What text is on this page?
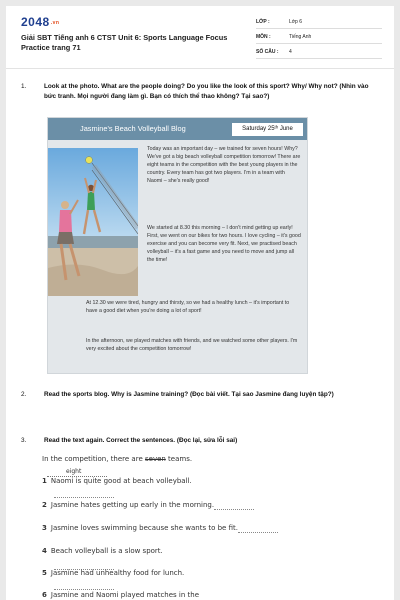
2048.vn
Giải SBT Tiếng anh 6 CTST Unit 6: Sports Language Focus Practice trang 71
LỚP :	Lớp 6
MÔN :	Tiếng Anh
SỐ CÂU : 4
1.	Look at the photo. What are the people doing? Do you like the look of this sport? Why/ Why not? (Nhìn vào bức tranh. Mọi người đang làm gì. Bạn có thích thể thao không? Tại sao?)
Jasmine's Beach Volleyball Blog	Saturday 25ᵗʰ June

Today was an important day – we trained for seven hours! Why? We've got a big beach volleyball competition tomorrow! There are eight teams in the competition with the best young players in the country. Every team has got two players. I'm in a team with Naomi – she's really good!

We started at 8.30 this morning – I don't mind getting up early! First, we went on our bikes for two hours. I love cycling – it's good exercise and you can become very fit. Next, we practised beach volleyball – it's a fast game and you need to move and jump all the time!

At 12.30 we were tired, hungry and thirsty, so we had a healthy lunch – it's important to have a good diet when you're doing a lot of sport!

In the afternoon, we played matches with friends, and we watched some other players. I'm very excited about the competition tomorrow!

2.	Read the sports blog. Why is Jasmine training? (Đọc bài viết. Tại sao Jasmine đang luyện tập?)
3.	Read the text again. Correct the sentences. (Đọc lại, sửa lỗi sai)
In the competition, there are seven teams.
eight
1 Naomi is quite good at beach volleyball.
2 Jasmine hates getting up early in the morning.
3 Jasmine loves swimming because she wants to be fit.
4 Beach volleyball is a slow sport.
5 Jasmine had unhealthy food for lunch.
6 Jasmine and Naomi played matches in the
